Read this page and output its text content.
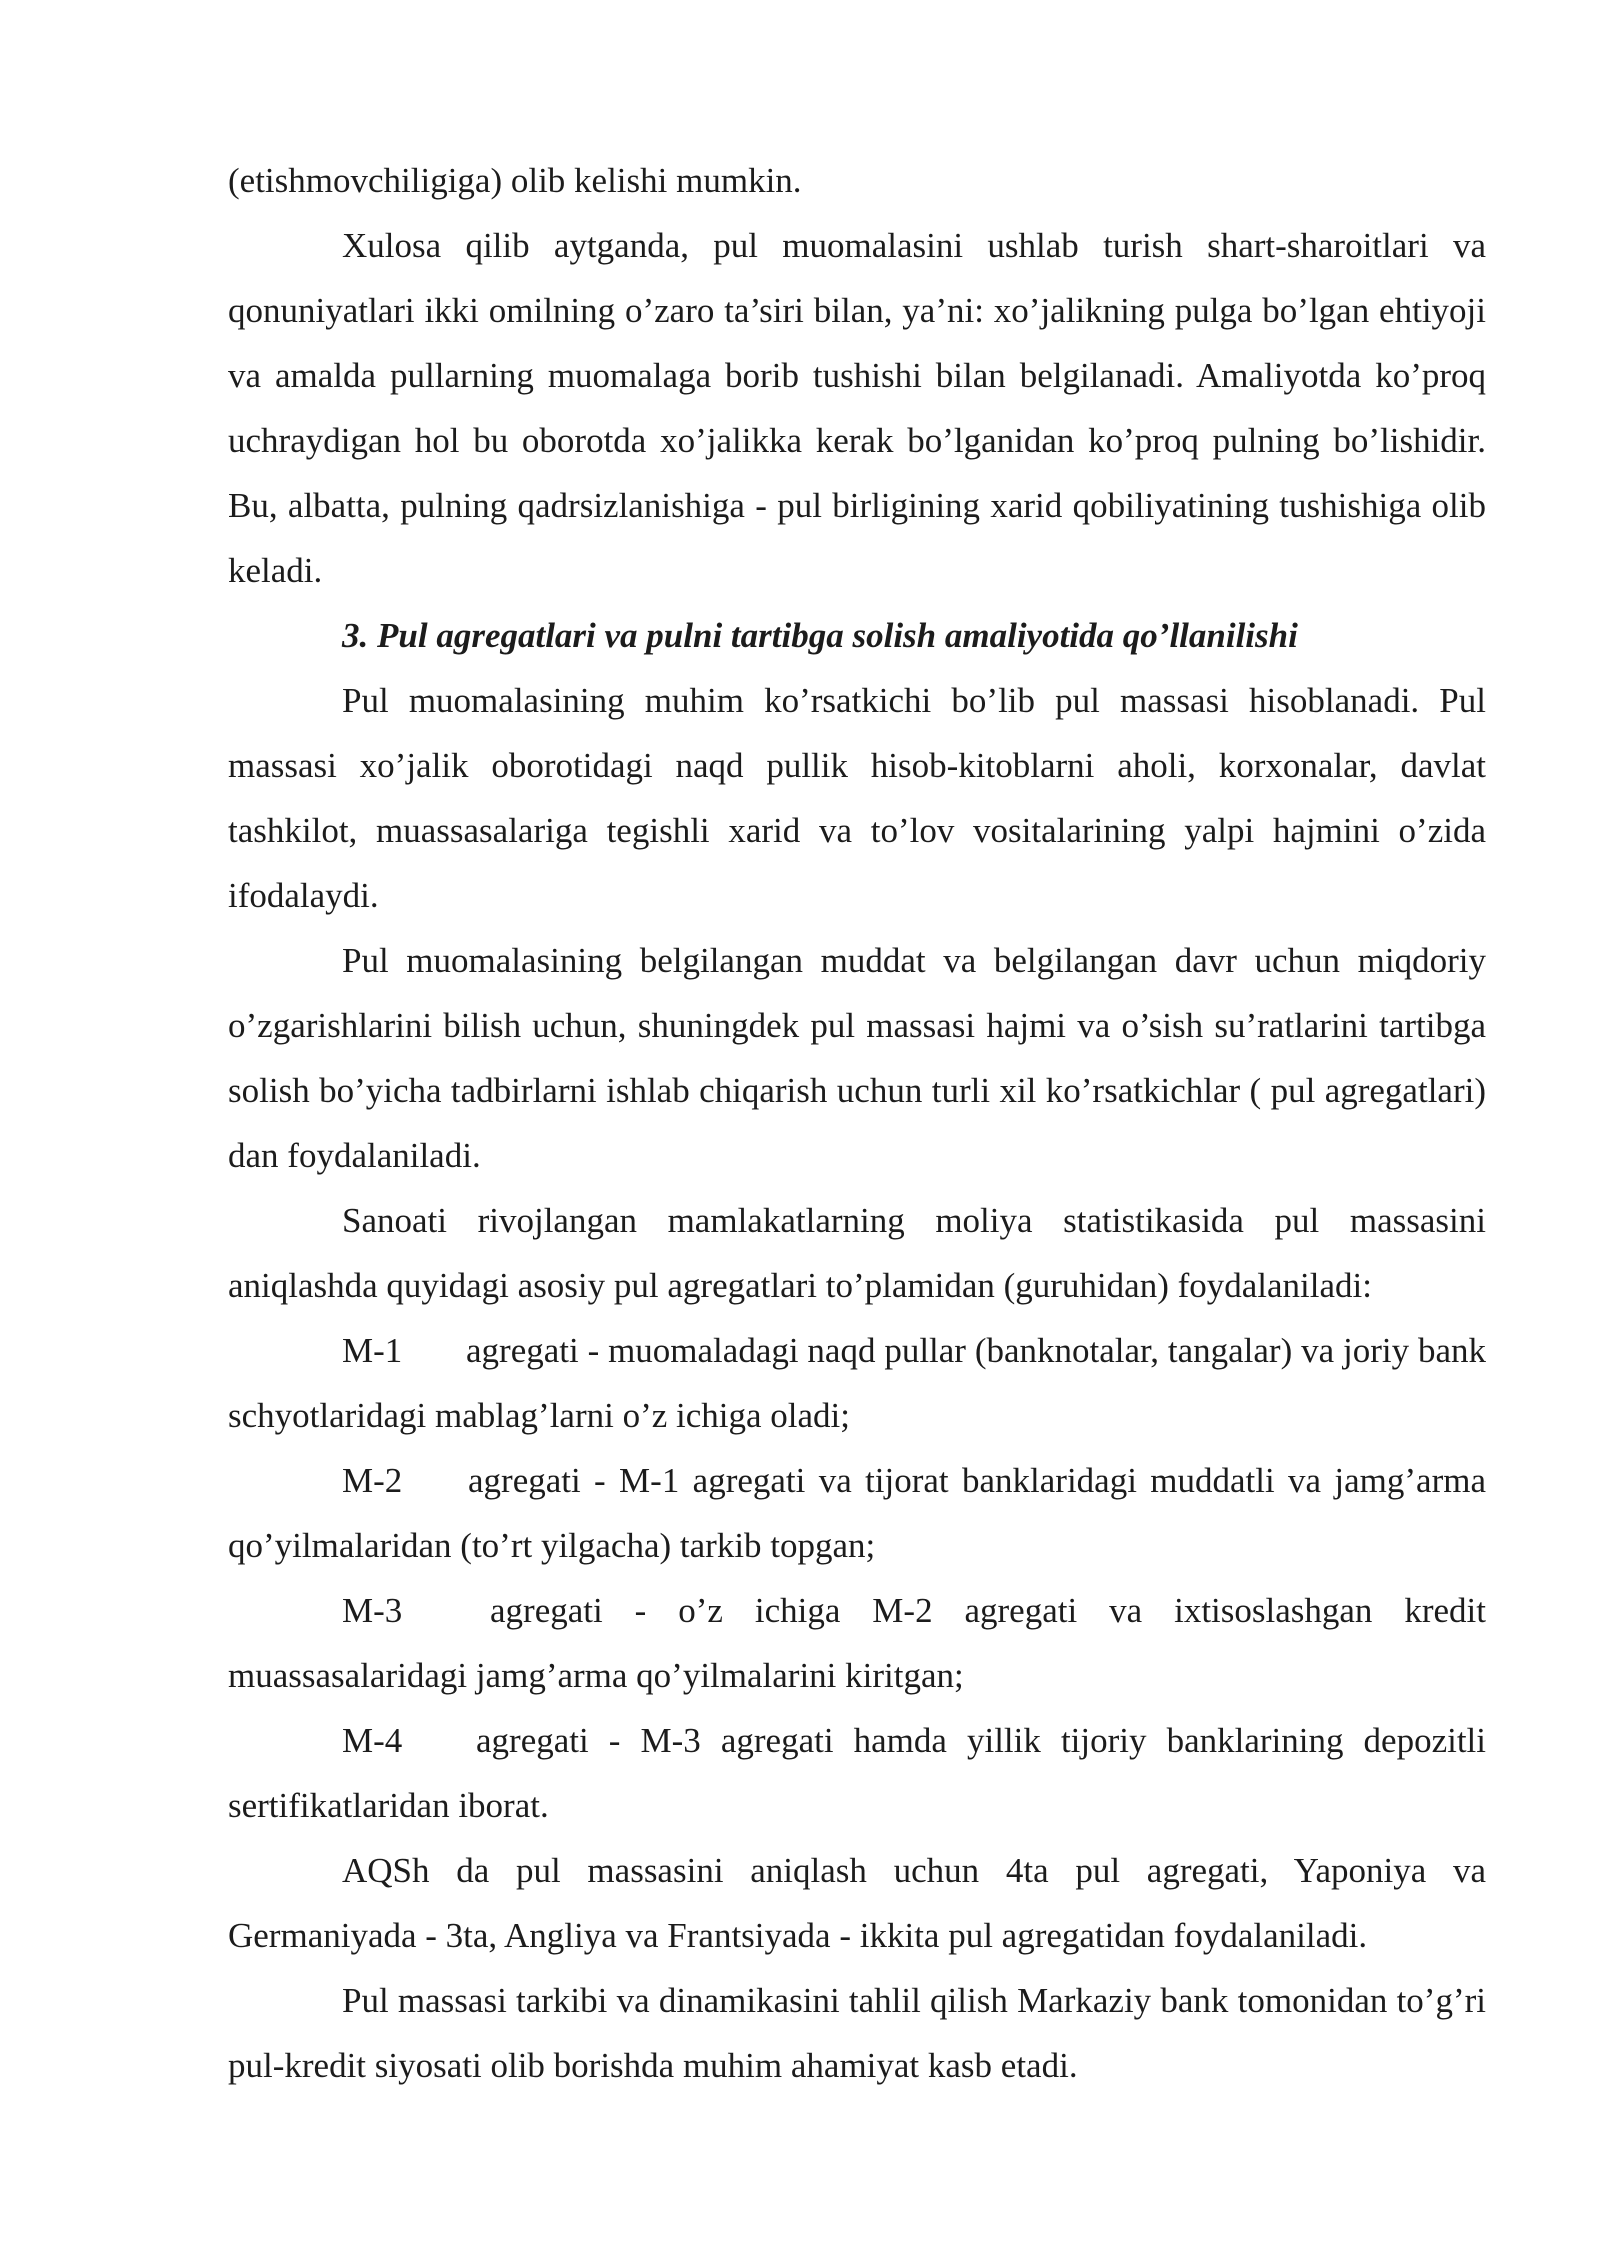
(etishmovchiligiga) olib kelishi mumkin.

Xulosa qilib aytganda, pul muomalasini ushlab turish shart-sharoitlari va qonuniyatlari ikki omilning o’zaro ta’siri bilan, ya’ni: xo’jalikning pulga bo’lgan ehtiyoji va amalda pullarning muomalaga borib tushishi bilan belgilanadi. Amaliyotda ko’proq uchraydigan hol bu oborotda xo’jalikka kerak bo’lganidan ko’proq pulning bo’lishidir. Bu, albatta, pulning qadrsizlanishiga - pul birligining xarid qobiliyatining tushishiga olib keladi.

3. Pul agregatlari va pulni tartibga solish amaliyotida qo’llanilishi

Pul muomalasining muhim ko’rsatkichi bo’lib pul massasi hisoblanadi. Pul massasi xo’jalik oborotidagi naqd pullik hisob-kitoblarni aholi, korxonalar, davlat tashkilot, muassasalariga tegishli xarid va to’lov vositalarining yalpi hajmini o’zida ifodalaydi.

Pul muomalasining belgilangan muddat va belgilangan davr uchun miqdoriy o’zgarishlarini bilish uchun, shuningdek pul massasi hajmi va o’sish su’ratlarini tartibga solish bo’yicha tadbirlarni ishlab chiqarish uchun turli xil ko’rsatkichlar ( pul agregatlari) dan foydalaniladi.

Sanoati rivojlangan mamlakatlarning moliya statistikasida pul massasini aniqlashda quyidagi asosiy pul agregatlari to’plamidan (guruhidan) foydalaniladi:

M-1 agregati - muomaladagi naqd pullar (banknotalar, tangalar) va joriy bank schyotlaridagi mablag’larni o’z ichiga oladi;

M-2 agregati - M-1 agregati va tijorat banklaridagi muddatli va jamg’arma qo’yilmalaridan (to’rt yilgacha) tarkib topgan;

M-3	agregati - o’z ichiga M-2 agregati va ixtisoslashgan kredit muassasalaridagi jamg’arma qo’yilmalarini kiritgan;

M-4 agregati - M-3 agregati hamda yillik tijoriy banklarining depozitli sertifikatlaridan iborat.

AQSh da pul massasini aniqlash uchun 4ta pul agregati, Yaponiya va Germaniyada - 3ta, Angliya va Frantsiyada - ikkita pul agregatidan foydalaniladi.

Pul massasi tarkibi va dinamikasini tahlil qilish Markaziy bank tomonidan to’g’ri pul-kredit siyosati olib borishda muhim ahamiyat kasb etadi.
